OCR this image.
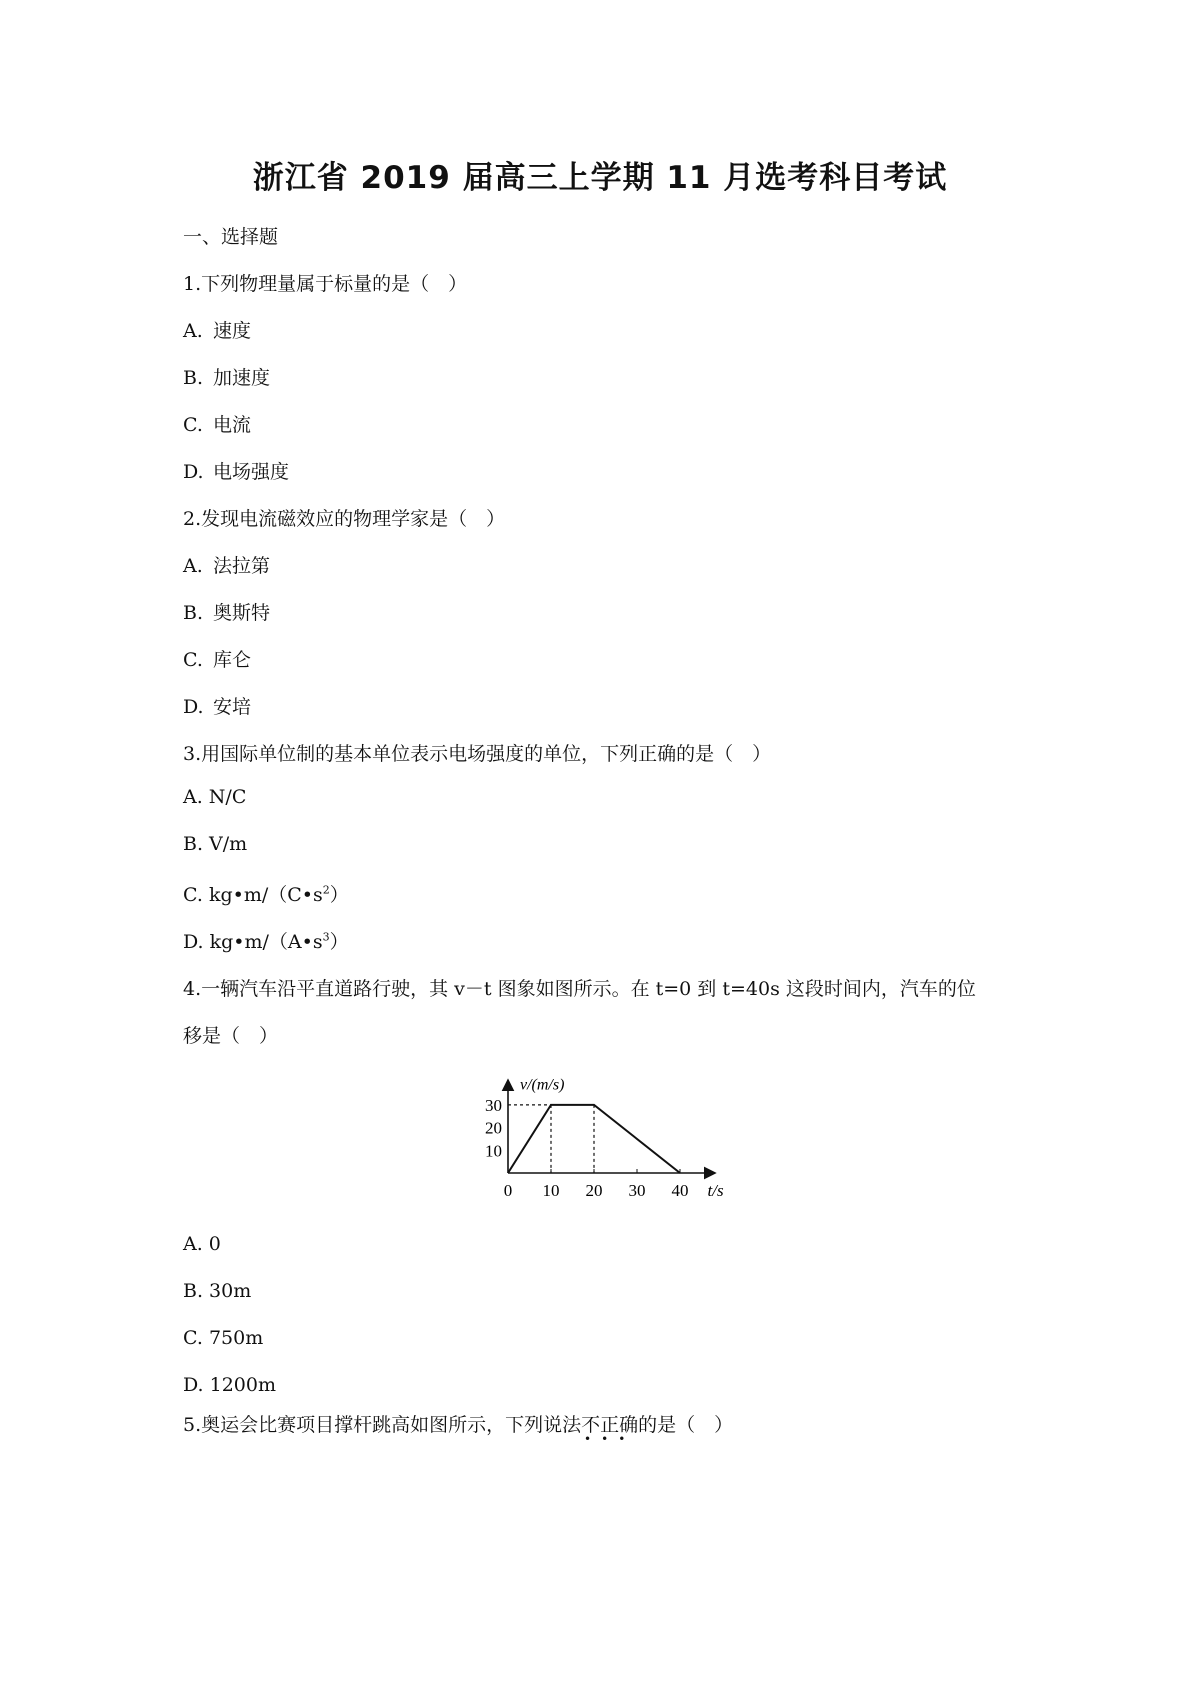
浙江省 2019 届高三上学期 11 月选考科目考试
一、选择题
1.下列物理量属于标量的是（　）
A. 速度
B. 加速度
C. 电流
D. 电场强度
2.发现电流磁效应的物理学家是（　）
A. 法拉第
B. 奥斯特
C. 库仑
D. 安培
3.用国际单位制的基本单位表示电场强度的单位，下列正确的是（　）
A. N/C
B. V/m
C. $kg•m/(C•s^2)$
D. $kg•m/(A•s^3)$
4.一辆汽车沿平直道路行驶，其 v－t 图象如图所示。在 t=0 到 t=40s 这段时间内，汽车的位
移是（　）
0 10 20 30 40
10
20
30
v/(m/s)
t/s
A. 0
B. 30m
C. 750m
D. 1200m
5.奥运会比赛项目撑杆跳高如图所示，下列说法不正确
•••
的是（　）
